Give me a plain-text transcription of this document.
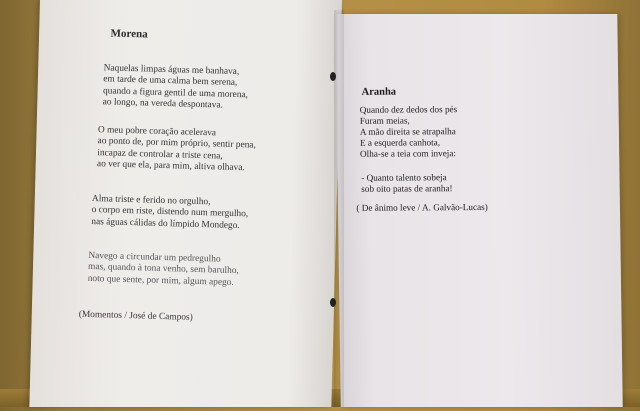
Morena
Naquelas limpas águas me banhava,
em tarde de uma calma bem serena,
quando a figura gentil de uma morena,
ao longo, na vereda despontava.
O meu pobre coração acelerava
ao ponto de, por mim próprio, sentir pena,
incapaz de controlar a triste cena,
ao ver que ela, para mim, altiva olhava.
Alma triste e ferido no orgulho,
o corpo em riste, distendo num mergulho,
nas águas cálidas do límpido Mondego.
Navego a circundar um pedregulho
mas, quando à tona venho, sem barulho,
noto que sente, por mim, algum apego.
(Momentos / José de Campos)
Aranha
Quando dez dedos dos pés
Furam meias,
A mão direita se atrapalha
E a esquerda canhota,
Olha-se a teia com inveja:
- Quanto talento sobeja
sob oito patas de aranha!
( De ânimo leve / A. Galvão-Lucas)
